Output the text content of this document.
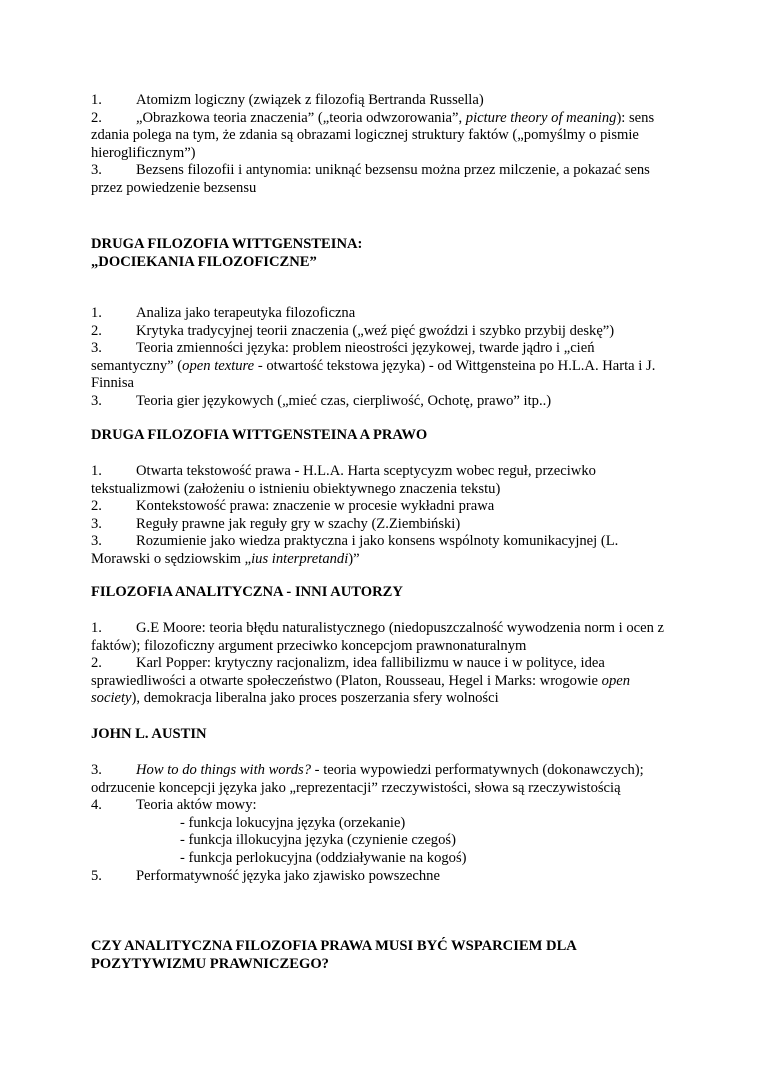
1. Atomizm logiczny (związek z filozofią Bertranda Russella)
2. „Obrazkowa teoria znaczenia” („teoria odwzorowania”, picture theory of meaning): sens zdania polega na tym, że zdania są obrazami logicznej struktury faktów („pomyślmy o pismie hieroglificznym”)
3. Bezsens filozofii i antynomia: uniknąć bezsensu można przez milczenie, a pokazać sens przez powiedzenie bezsensu
DRUGA FILOZOFIA WITTGENSTEINA:
„DOCIEKANIA FILOZOFICZNE”
1. Analiza jako terapeutyka filozoficzna
2. Krytyka tradycyjnej teorii znaczenia („weź pięć gwoździ i szybko przybij deskę”)
3. Teoria zmienności języka: problem nieostrości językowej, twarde jądro i „cień semantyczny” (open texture - otwartość tekstowa języka) - od Wittgensteina po H.L.A. Harta i J. Finnisa
3. Teoria gier językowych („mieć czas, cierpliwość, Ochotę, prawo” itp..)
DRUGA FILOZOFIA WITTGENSTEINA A PRAWO
1. Otwarta tekstowość prawa - H.L.A. Harta sceptycyzm wobec reguł, przeciwko tekstualizmowi (założeniu o istnieniu obiektywnego znaczenia tekstu)
2. Kontekstowość prawa: znaczenie w procesie wykładni prawa
3. Reguły prawne jak reguły gry w szachy (Z.Ziembiński)
3. Rozumienie jako wiedza praktyczna i jako konsens wspólnoty komunikacyjnej (L. Morawski o sędziowskim „ius interpretandi)”
FILOZOFIA ANALITYCZNA - INNI AUTORZY
1. G.E Moore: teoria błędu naturalistycznego (niedopuszczalność wywodzenia norm i ocen z faktów); filozoficzny argument przeciwko koncepcjom prawnonaturalnym
2. Karl Popper: krytyczny racjonalizm, idea fallibilizmu w nauce i w polityce, idea sprawiedliwości a otwarte społeczeństwo (Platon, Rousseau, Hegel i Marks: wrogowie open society), demokracja liberalna jako proces poszerzania sfery wolności
JOHN L. AUSTIN
3. How to do things with words? - teoria wypowiedzi performatywnych (dokonawczych); odrzucenie koncepcji języka jako „reprezentacji” rzeczywistości, słowa są rzeczywistością
4. Teoria aktów mowy:
- funkcja lokucyjna języka (orzekanie)
- funkcja illokucyjna języka (czynienie czegoś)
- funkcja perlokucyjna (oddziaływanie na kogoś)
5. Performatywność języka jako zjawisko powszechne
CZY ANALITYCZNA FILOZOFIA PRAWA MUSI BYĆ WSPARCIEM DLA
POZYTYWIZMU PRAWNICZEGO?
